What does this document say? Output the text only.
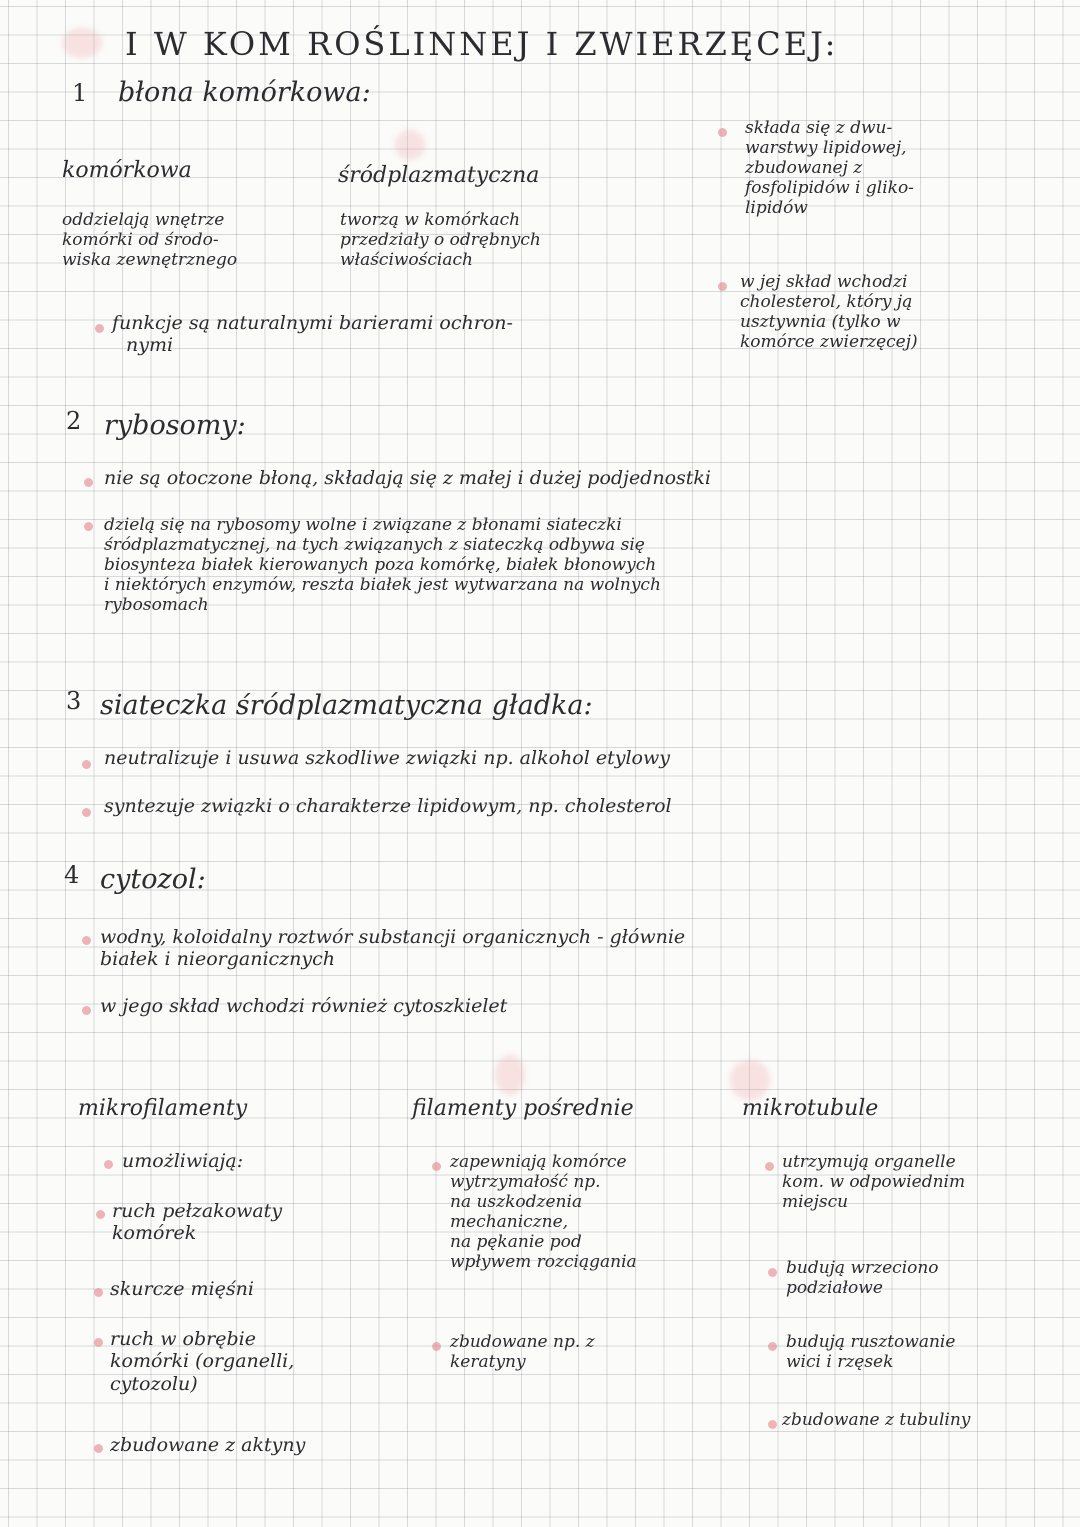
I W KOM ROŚLINNEJ I ZWIERZĘCEJ:
1 błona komórkowa:
komórkowa	śródplazmatyczna
oddzielają wnętrze
komórki od środo-
wiska zewnętrznego
tworzą w komórkach
przedziały o odrębnych
właściwościach
funkcje są naturalnymi barierami ochron-
nymi
składa się z dwu-
warstwy lipidowej,
zbudowanej z
fosfolipidów i gliko-
lipidów
w jej skład wchodzi
cholesterol, który ją
usztywnia (tylko w
komórce zwierzęcej)
2 rybosomy:
nie są otoczone błoną, składają się z małej i dużej podjednostki
dzielą się na rybosomy wolne i związane z błonami siateczki
śródplazmatycznej, na tych związanych z siateczką odbywa się
biosynteza białek kierowanych poza komórkę, białek błonowych
i niektórych enzymów, reszta białek jest wytwarzana na wolnych
rybosomach
3 siateczka śródplazmatyczna gładka:
neutralizuje i usuwa szkodliwe związki np. alkohol etylowy
syntezuje związki o charakterze lipidowym, np. cholesterol
4 cytozol:
wodny, koloidalny roztwór substancji organicznych - głównie
białek i nieorganicznych
w jego skład wchodzi również cytoszkielet
mikrofilamenty	filamenty pośrednie	mikrotubule
umożliwiają:
ruch pełzakowaty
komórek
skurcze mięśni
ruch w obrębie
komórki (organelli,
cytozolu)
zbudowane z aktyny
zapewniają komórce
wytrzymałość np.
na uszkodzenia
mechaniczne,
na pękanie pod
wpływem rozciągania
zbudowane np. z
keratyny
utrzymują organelle
kom. w odpowiednim
miejscu
budują wrzeciono
podziałowe
budują rusztowanie
wici i rzęsek
zbudowane z tubuliny
